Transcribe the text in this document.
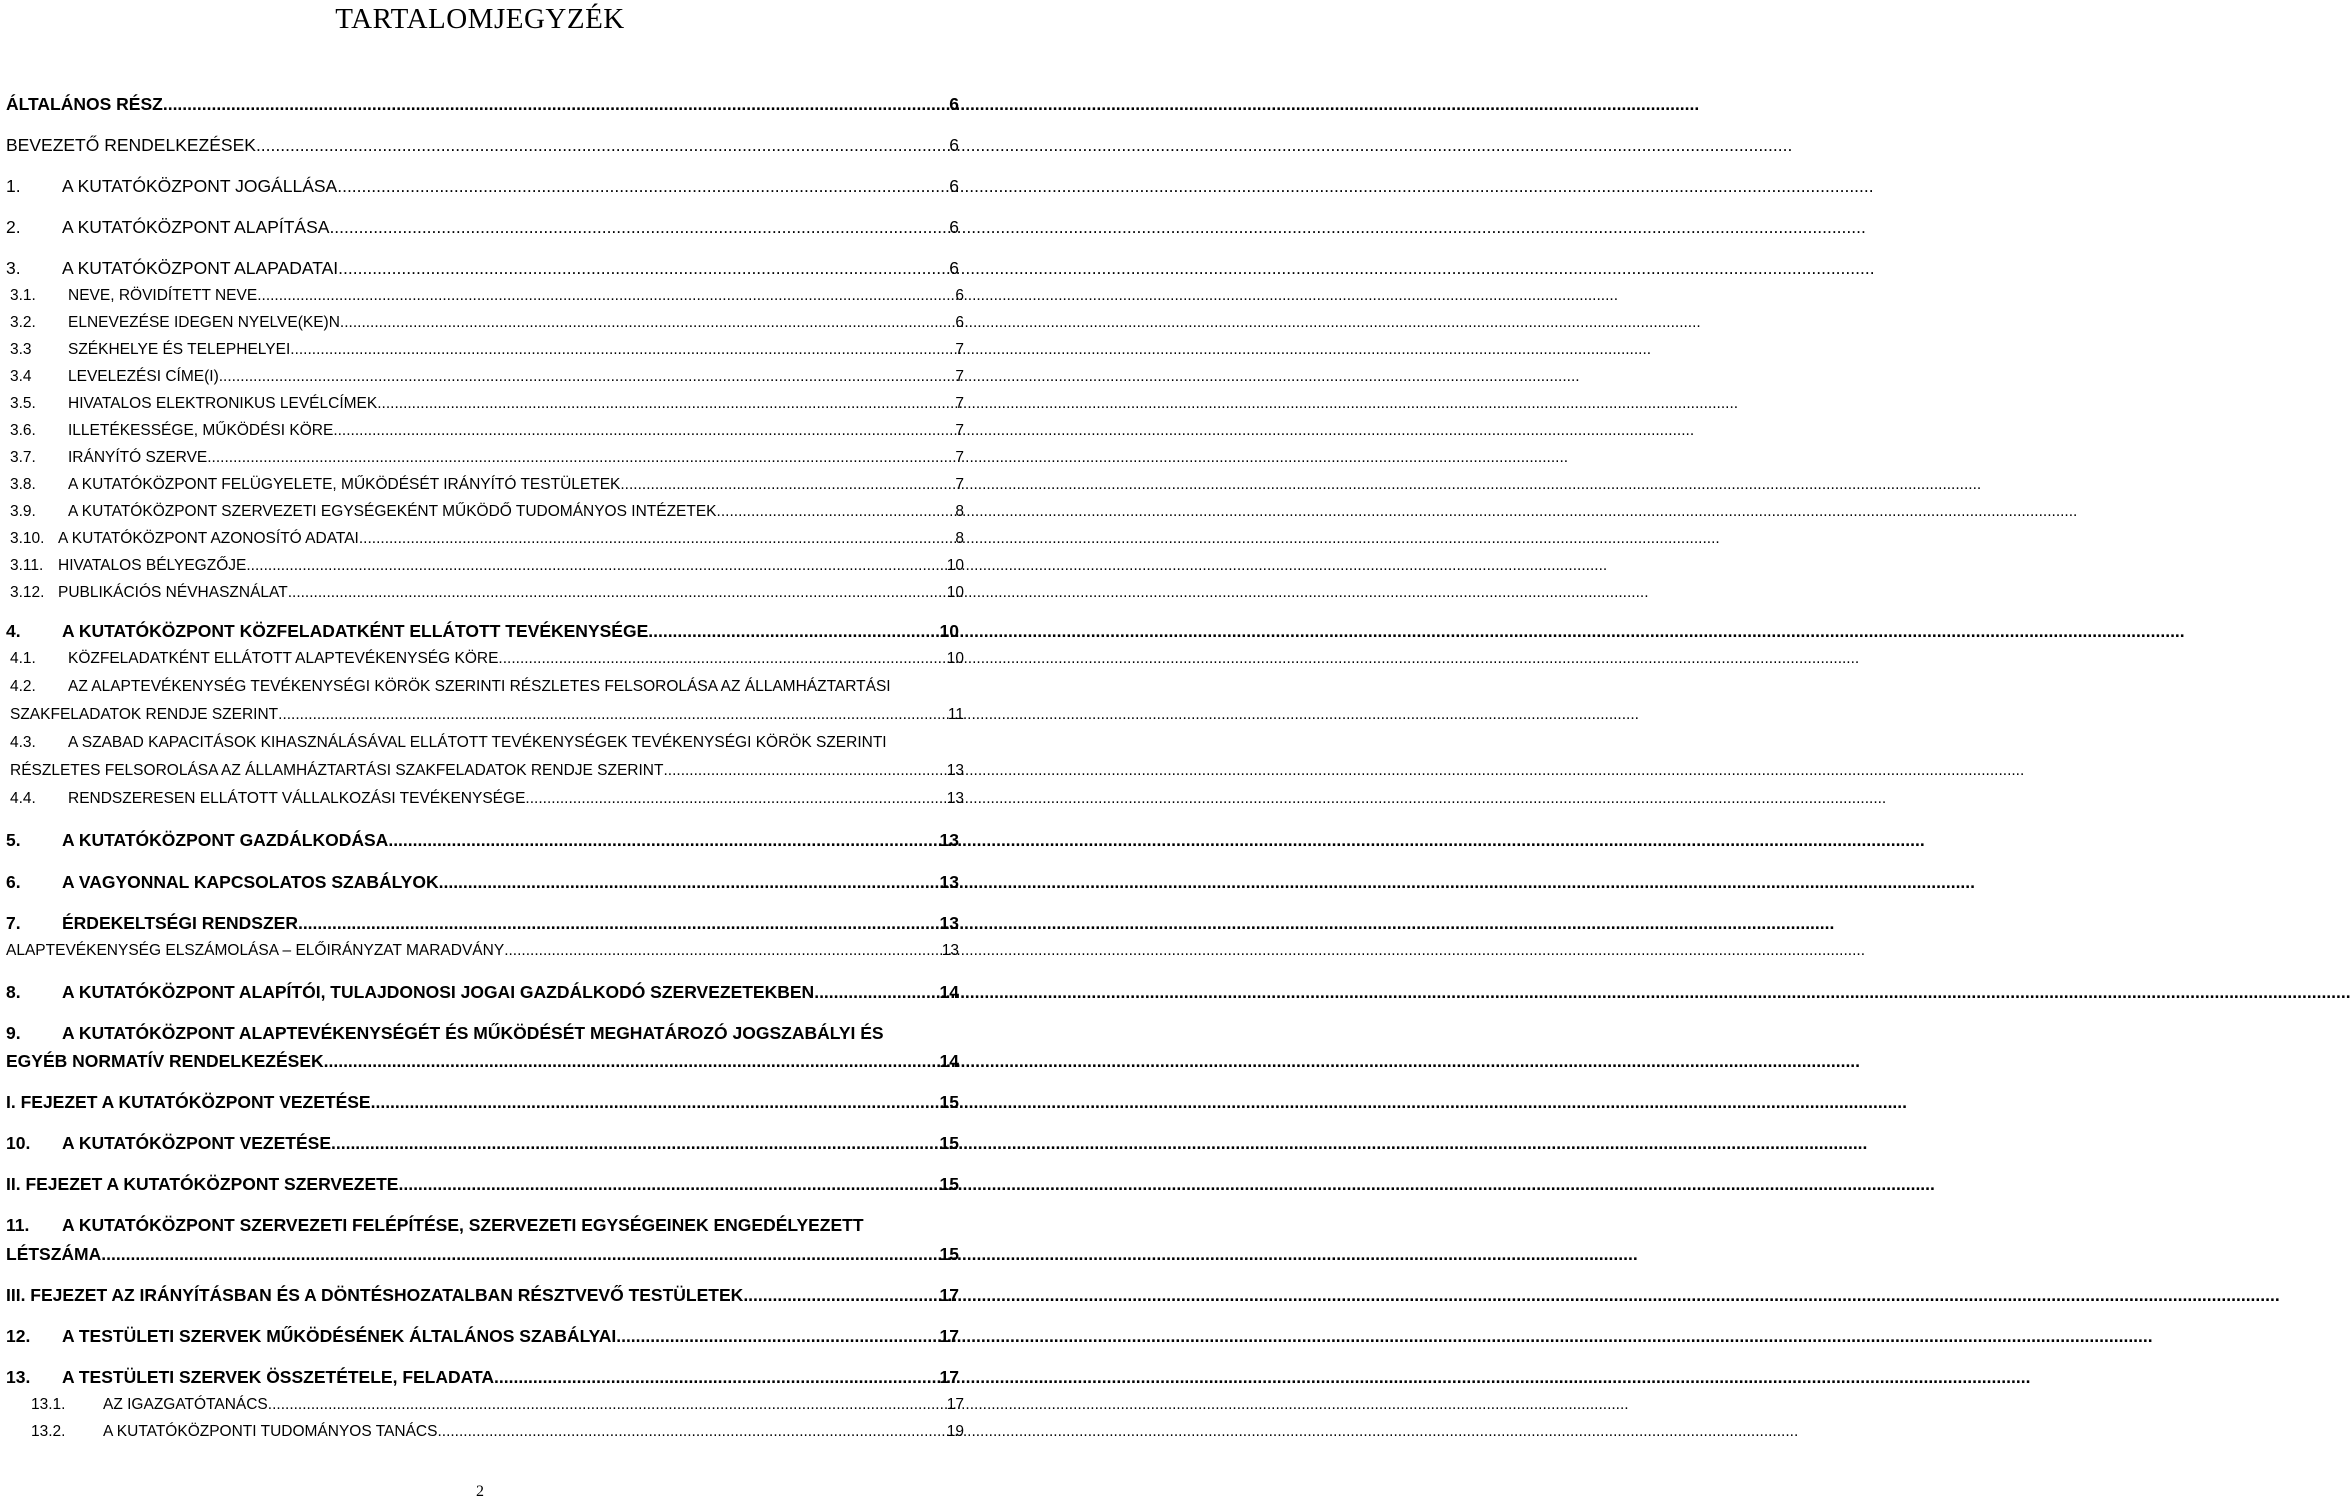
TARTALOMJEGYZÉK
ÁLTALÁNOS RÉSZ .....	6
BEVEZETŐ RENDELKEZÉSEK .....	6
1.	A KUTATÓKÖZPONT JOGÁLLÁSA .....	6
2.	A KUTATÓKÖZPONT ALAPÍTÁSA .....	6
3.	A KUTATÓKÖZPONT ALAPADATAI .....	6
3.1.	NEVE, RÖVIDÍTETT NEVE .....	6
3.2.	ELNEVEZÉSE IDEGEN NYELVE(KE)N .....	6
3.3	SZÉKHELYE ÉS TELEPHELYEI .....	7
3.4	LEVELEZÉSI CÍME(I) .....	7
3.5.	HIVATALOS ELEKTRONIKUS LEVÉLCÍMEK .....	7
3.6.	ILLETÉKESSÉGE, MŰKÖDÉSI KÖRE .....	7
3.7.	IRÁNYÍTÓ SZERVE .....	7
3.8.	A KUTATÓKÖZPONT FELÜGYELETE, MŰKÖDÉSÉT IRÁNYÍTÓ TESTÜLETEK .....	7
3.9.	A KUTATÓKÖZPONT SZERVEZETI EGYSÉGEKÉNT MŰKÖDŐ TUDOMÁNYOS INTÉZETEK .....	8
3.10. A KUTATÓKÖZPONT AZONOSÍTÓ ADATAI .....	8
3.11. HIVATALOS BÉLYEGZŐJE .....	10
3.12. PUBLIKÁCIÓS NÉVHASZNÁLAT .....	10
4.	A KUTATÓKÖZPONT KÖZFELADATKÉNT ELLÁTOTT TEVÉKENYSÉGE .....	10
4.1.	KÖZFELADATKÉNT ELLÁTOTT ALAPTEVÉKENYSÉG KÖRE .....	10
4.2. AZ ALAPTEVÉKENYSÉG TEVÉKENYSÉGI KÖRÖK SZERINTI RÉSZLETES FELSOROLÁSA AZ ÁLLAMHÁZTARTÁSI
SZAKFELADATOK RENDJE SZERINT .....	11
4.3. A SZABAD KAPACITÁSOK KIHASZNÁLÁSÁVAL ELLÁTOTT TEVÉKENYSÉGEK TEVÉKENYSÉGI KÖRÖK SZERINTI
RÉSZLETES FELSOROLÁSA AZ ÁLLAMHÁZTARTÁSI SZAKFELADATOK RENDJE SZERINT .....	13
4.4.	RENDSZERESEN ELLÁTOTT VÁLLALKOZÁSI TEVÉKENYSÉGE .....	13
5.	A KUTATÓKÖZPONT GAZDÁLKODÁSA .....	13
6.	A VAGYONNAL KAPCSOLATOS SZABÁLYOK .....	13
7.	ÉRDEKELTSÉGI RENDSZER .....	13
ALAPTEVÉKENYSÉG ELSZÁMOLÁSA – ELŐIRÁNYZAT MARADVÁNY .....	13
8.	A KUTATÓKÖZPONT ALAPÍTÓI, TULAJDONOSI JOGAI GAZDÁLKODÓ SZERVEZETEKBEN .....	14
9. A KUTATÓKÖZPONT ALAPTEVÉKENYSÉGÉT ÉS MŰKÖDÉSÉT MEGHATÁROZÓ JOGSZABÁLYI ÉS
EGYÉB NORMATÍV RENDELKEZÉSEK .....	14
I. FEJEZET A KUTATÓKÖZPONT VEZETÉSE .....	15
10.	A KUTATÓKÖZPONT VEZETÉSE .....	15
II. FEJEZET A KUTATÓKÖZPONT SZERVEZETE .....	15
11. A KUTATÓKÖZPONT SZERVEZETI FELÉPÍTÉSE, SZERVEZETI EGYSÉGEINEK ENGEDÉLYEZETT
LÉTSZÁMA .....	15
III. FEJEZET AZ IRÁNYÍTÁSBAN ÉS A DÖNTÉSHOZATALBAN RÉSZTVEVŐ TESTÜLETEK .....	17
12.	A TESTÜLETI SZERVEK MŰKÖDÉSÉNEK ÁLTALÁNOS SZABÁLYAI .....	17
13.	A TESTÜLETI SZERVEK ÖSSZETÉTELE, FELADATA .....	17
13.1.	AZ IGAZGATÓTANÁCS .....	17
13.2.	A KUTATÓKÖZPONTI TUDOMÁNYOS TANÁCS .....	19
2
